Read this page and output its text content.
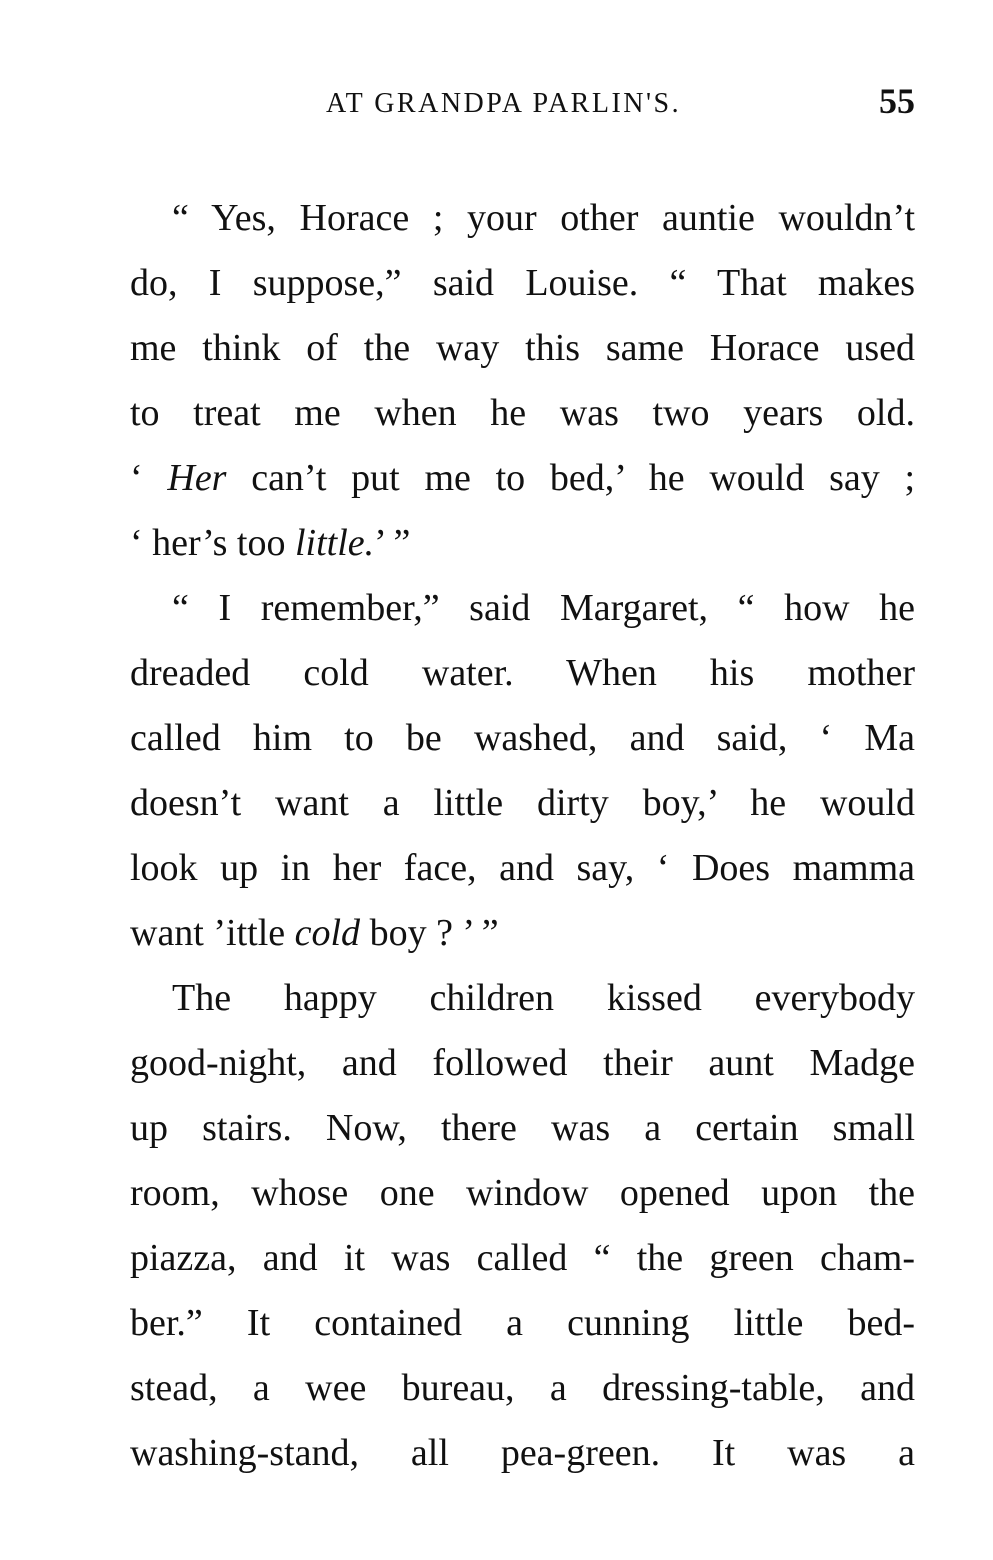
AT GRANDPA PARLIN'S.	55
“ Yes, Horace ; your other auntie wouldn’t
do, I suppose,” said Louise. “ That makes
me think of the way this same Horace used
to treat me when he was two years old.
‘ Her can’t put me to bed,’ he would say ;
‘ her’s too little.’ ”
“ I remember,” said Margaret, “ how he
dreaded cold water. When his mother
called him to be washed, and said, ‘ Ma
doesn’t want a little dirty boy,’ he would
look up in her face, and say, ‘ Does mamma
want ’ittle cold boy ? ’ ”
The happy children kissed everybody
good-night, and followed their aunt Madge
up stairs. Now, there was a certain small
room, whose one window opened upon the
piazza, and it was called “ the green cham-
ber.” It contained a cunning little bed-
stead, a wee bureau, a dressing-table, and
washing-stand, all pea-green. It was a
